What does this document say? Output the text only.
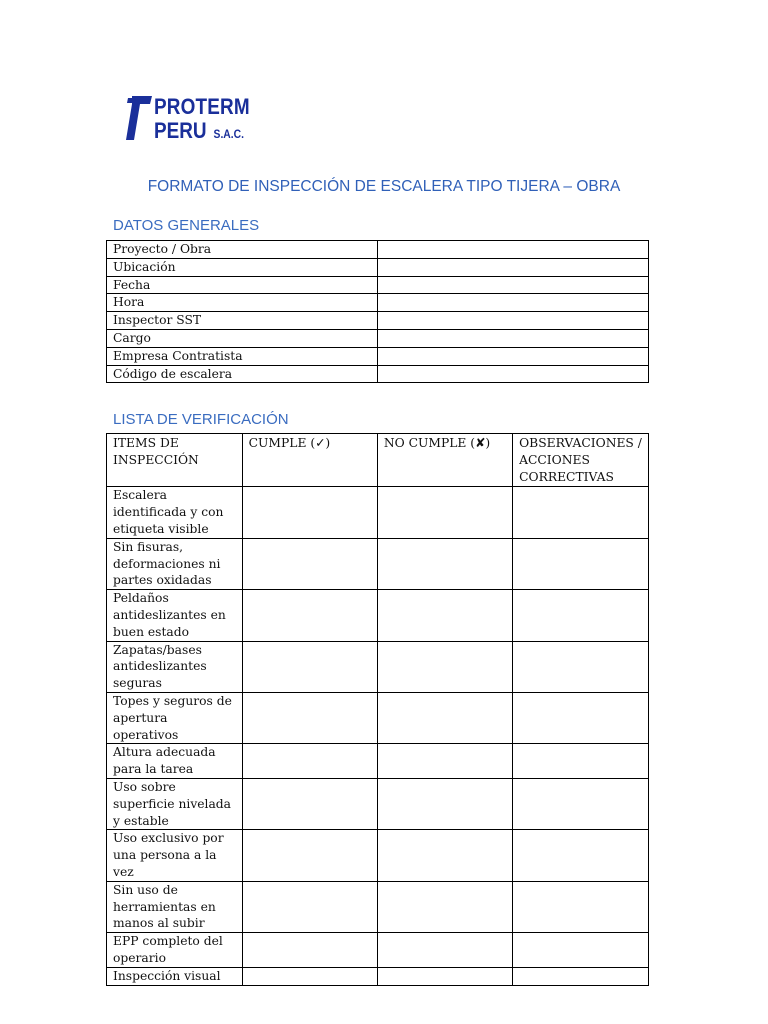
PROTERM
PERU S.A.C.
FORMATO DE INSPECCIÓN DE ESCALERA TIPO TIJERA – OBRA
DATOS GENERALES
Proyecto / Obra	
Ubicación	
Fecha	
Hora	
Inspector SST	
Cargo	
Empresa Contratista	
Código de escalera	
LISTA DE VERIFICACIÓN
ITEMS DE INSPECCIÓN	CUMPLE (✓)	NO CUMPLE (✘)	OBSERVACIONES / ACCIONES CORRECTIVAS
Escalera identificada y con etiqueta visible			
Sin fisuras, deformaciones ni partes oxidadas			
Peldaños antideslizantes en buen estado			
Zapatas/bases antideslizantes seguras			
Topes y seguros de apertura operativos			
Altura adecuada para la tarea			
Uso sobre superficie nivelada y estable			
Uso exclusivo por una persona a la vez			
Sin uso de herramientas en manos al subir			
EPP completo del operario			
Inspección visual			
